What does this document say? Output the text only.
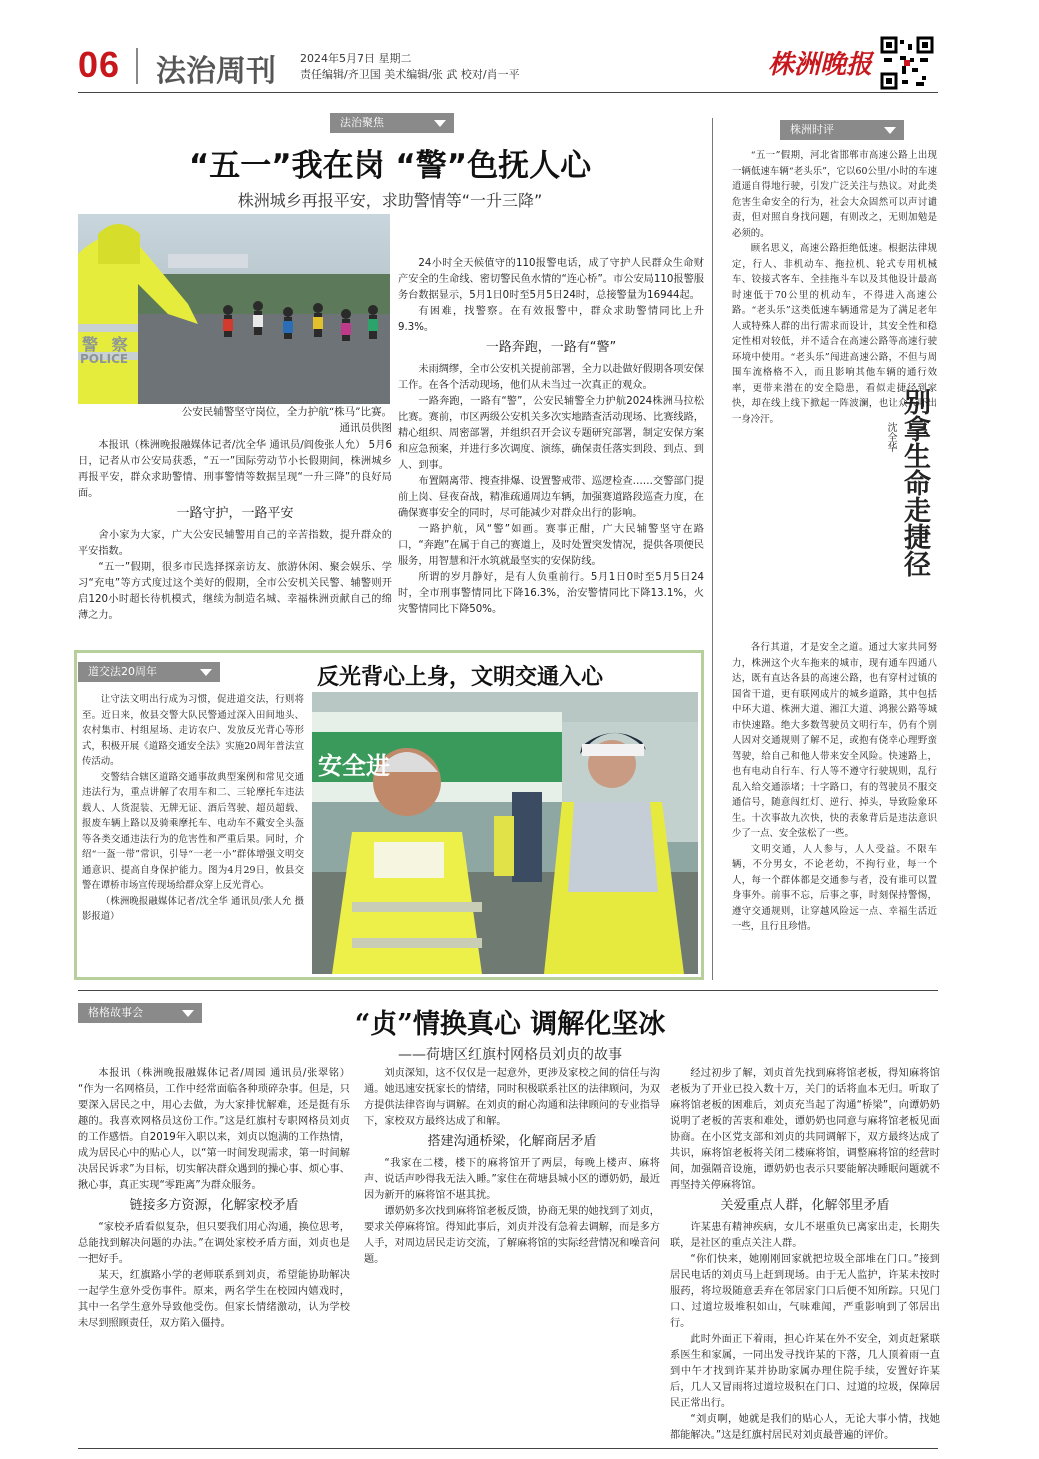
06 法治周刊 2024年5月7日 星期二
责任编辑/齐卫国 美术编辑/张 武 校对/肖一平	株洲晚报
法治聚焦
“五一”我在岗 “警”色抚人心
株洲城乡再报平安，求助警情等“一升三降”
警 察
POLICE
公安民辅警坚守岗位，全力护航“株马”比赛。
通讯员供图

本报讯（株洲晚报融媒体记者/沈全华 通讯员/阎俊张人允） 5月6日，记者从市公安局获悉，“五一”国际劳动节小长假期间，株洲城乡再报平安，群众求助警情、刑事警情等数据呈现“一升三降”的良好局面。

一路守护，一路平安

舍小家为大家，广大公安民辅警用自己的辛苦指数，提升群众的平安指数。

“五一”假期，很多市民选择探亲访友、旅游休闲、聚会娱乐、学习“充电”等方式度过这个美好的假期，全市公安机关民警、辅警则开启120小时超长待机模式，继续为制造名城、幸福株洲贡献自己的绵薄之力。

24小时全天候值守的110报警电话，成了守护人民群众生命财产安全的生命线、密切警民鱼水情的“连心桥”。市公安局110报警服务台数据显示，5月1日0时至5月5日24时，总接警量为16944起。

有困难，找警察。在有效报警中，群众求助警情同比上升9.3%。

一路奔跑，一路有“警”

未雨绸缪，全市公安机关提前部署，全力以赴做好假期各项安保工作。在各个活动现场，他们从未当过一次真正的观众。

一路奔跑，一路有“警”，公安民辅警全力护航2024株洲马拉松比赛。赛前，市区两级公安机关多次实地踏查活动现场、比赛线路，精心组织、周密部署，并组织召开会议专题研究部署，制定安保方案和应急预案，并进行多次调度、演练，确保责任落实到段、到点、到人、到事。

布置隔离带、搜查排爆、设置警戒带、巡逻检查……交警部门提前上岗、昼夜奋战，精准疏通周边车辆，加强赛道路段巡查力度，在确保赛事安全的同时，尽可能减少对群众出行的影响。

一路护航，风“警”如画。赛事正酣，广大民辅警坚守在路口，“奔跑”在属于自己的赛道上，及时处置突发情况，提供各项便民服务，用智慧和汗水筑就最坚实的安保防线。

所谓的岁月静好，是有人负重前行。5月1日0时至5月5日24时，全市刑事警情同比下降16.3%，治安警情同比下降13.1%，火灾警情同比下降50%。

株洲时评

“五一”假期，河北省邯郸市高速公路上出现一辆低速车辆“老头乐”，它以60公里/小时的车速逍遥自得地行驶，引发广泛关注与热议。对此类危害生命安全的行为，社会大众固然可以声讨谴责，但对照自身找问题，有则改之，无则加勉是必须的。

顾名思义，高速公路拒绝低速。根据法律规定，行人、非机动车、拖拉机、轮式专用机械车、铰接式客车、全挂拖斗车以及其他设计最高时速低于70公里的机动车，不得进入高速公路。“老头乐”这类低速车辆通常是为了满足老年人或特殊人群的出行需求而设计，其安全性和稳定性相对较低，并不适合在高速公路等高速行驶环境中使用。“老头乐”闯进高速公路，不但与周围车流格格不入，而且影响其他车辆的通行效率，更带来潜在的安全隐患，看似走捷径到家快，却在线上线下掀起一阵波澜，也让众人吓出一身冷汗。	别拿生命走捷径
沈全华

各行其道，才是安全之道。通过大家共同努力，株洲这个火车拖来的城市，现有通车四通八达，既有直达各县的高速公路，也有穿村过镇的国省干道，更有联网成片的城乡道路，其中包括中环大道、株洲大道、湘江大道、鸿猴公路等城市快速路。绝大多数驾驶员文明行车，仍有个别人因对交通规则了解不足，或抱有侥幸心理野蛮驾驶，给自己和他人带来安全风险。快速路上，也有电动自行车、行人等不遵守行驶规则，乱行乱入给交通添堵；十字路口，有的驾驶员不服交通信号，随意闯红灯、逆行、掉头，导致险象环生。十次事故九次快，快的表象背后是违法意识少了一点、安全弦松了一些。

文明交通，人人参与，人人受益。不限车辆，不分男女，不论老幼，不拘行业，每一个人，每一个群体都是交通参与者，没有谁可以置身事外。前事不忘，后事之事，时刻保持警惕，遵守交通规则，让穿越风险远一点、幸福生活近一些，且行且珍惜。

道交法20周年	反光背心上身，文明交通入心

让守法文明出行成为习惯，促进道交法，行则将至。近日来，攸县交警大队民警通过深入田间地头、农村集市、村组屋场、走访农户、发放反光背心等形式，积极开展《道路交通安全法》实施20周年普法宣传活动。

交警结合辖区道路交通事故典型案例和常见交通违法行为，重点讲解了农用车和二、三轮摩托车违法载人、人货混装、无牌无证、酒后驾驶、超员超载、报废车辆上路以及骑乘摩托车、电动车不戴安全头盔等各类交通违法行为的危害性和严重后果。同时，介绍“一盔一带”常识，引导“一老一小”群体增强文明交通意识、提高自身保护能力。图为4月29日，攸县交警在谭桥市场宣传现场给群众穿上反光背心。

（株洲晚报融媒体记者/沈全华 通讯员/张人允 摄影报道）

安全进
格格故事会	“贞”情换真心 调解化坚冰
——荷塘区红旗村网格员刘贞的故事

本报讯（株洲晚报融媒体记者/周园 通讯员/张翠铭） “作为一名网格员，工作中经常面临各种琐碎杂事。但是，只要深入居民之中，用心去做，为大家排忧解难，还是挺有乐趣的。我喜欢网格员这份工作。”这是红旗村专职网格员刘贞的工作感悟。自2019年入职以来，刘贞以饱满的工作热情，成为居民心中的贴心人，以“第一时间发现需求，第一时间解决居民诉求”为目标，切实解决群众遇到的操心事、烦心事、揪心事，真正实现“零距离”为群众服务。

链接多方资源，化解家校矛盾

“家校矛盾看似复杂，但只要我们用心沟通，换位思考，总能找到解决问题的办法。”在调处家校矛盾方面，刘贞也是一把好手。

某天，红旗路小学的老师联系到刘贞，希望能协助解决一起学生意外受伤事件。原来，两名学生在校园内嬉戏时，其中一名学生意外导致他受伤。但家长情绪激动，认为学校未尽到照顾责任，双方陷入僵持。

刘贞深知，这不仅仅是一起意外，更涉及家校之间的信任与沟通。她迅速安抚家长的情绪，同时积极联系社区的法律顾问，为双方提供法律咨询与调解。在刘贞的耐心沟通和法律顾问的专业指导下，家校双方最终达成了和解。

搭建沟通桥梁，化解商居矛盾

“我家在二楼，楼下的麻将馆开了两层，每晚上楼声、麻将声、说话声吵得我无法入睡。”家住在荷塘县城小区的谭奶奶，最近因为新开的麻将馆不堪其扰。

谭奶奶多次找到麻将馆老板反馈，协商无果的她找到了刘贞，要求关停麻将馆。得知此事后，刘贞并没有急着去调解，而是多方人手，对周边居民走访交流，了解麻将馆的实际经营情况和噪音问题。

经过初步了解，刘贞首先找到麻将馆老板，得知麻将馆老板为了开业已投入数十万，关门的话将血本无归。听取了麻将馆老板的困难后，刘贞充当起了沟通“桥梁”，向谭奶奶说明了老板的苦衷和难处，谭奶奶也同意与麻将馆老板见面协商。在小区党支部和刘贞的共同调解下，双方最终达成了共识，麻将馆老板将关闭二楼麻将馆，调整麻将馆的经营时间，加强隔音设施，谭奶奶也表示只要能解决睡眠问题就不再坚持关停麻将馆。

关爱重点人群，化解邻里矛盾

许某患有精神疾病，女儿不堪重负已离家出走，长期失联，是社区的重点关注人群。

“你们快来，她刚刚回家就把垃圾全部堆在门口。”接到居民电话的刘贞马上赶到现场。由于无人监护，许某未按时服药，将垃圾随意丢弃在邻居家门口后便不知所踪。只见门口、过道垃圾堆积如山，气味难闻，严重影响到了邻居出行。

此时外面正下着雨，担心许某在外不安全，刘贞赶紧联系医生和家属，一同出发寻找许某的下落，几人顶着雨一直到中午才找到许某并协助家属办理住院手续，安置好许某后，几人又冒雨将过道垃圾积在门口、过道的垃圾，保障居民正常出行。

“刘贞啊，她就是我们的贴心人，无论大事小情，找她都能解决。”这是红旗村居民对刘贞最普遍的评价。
